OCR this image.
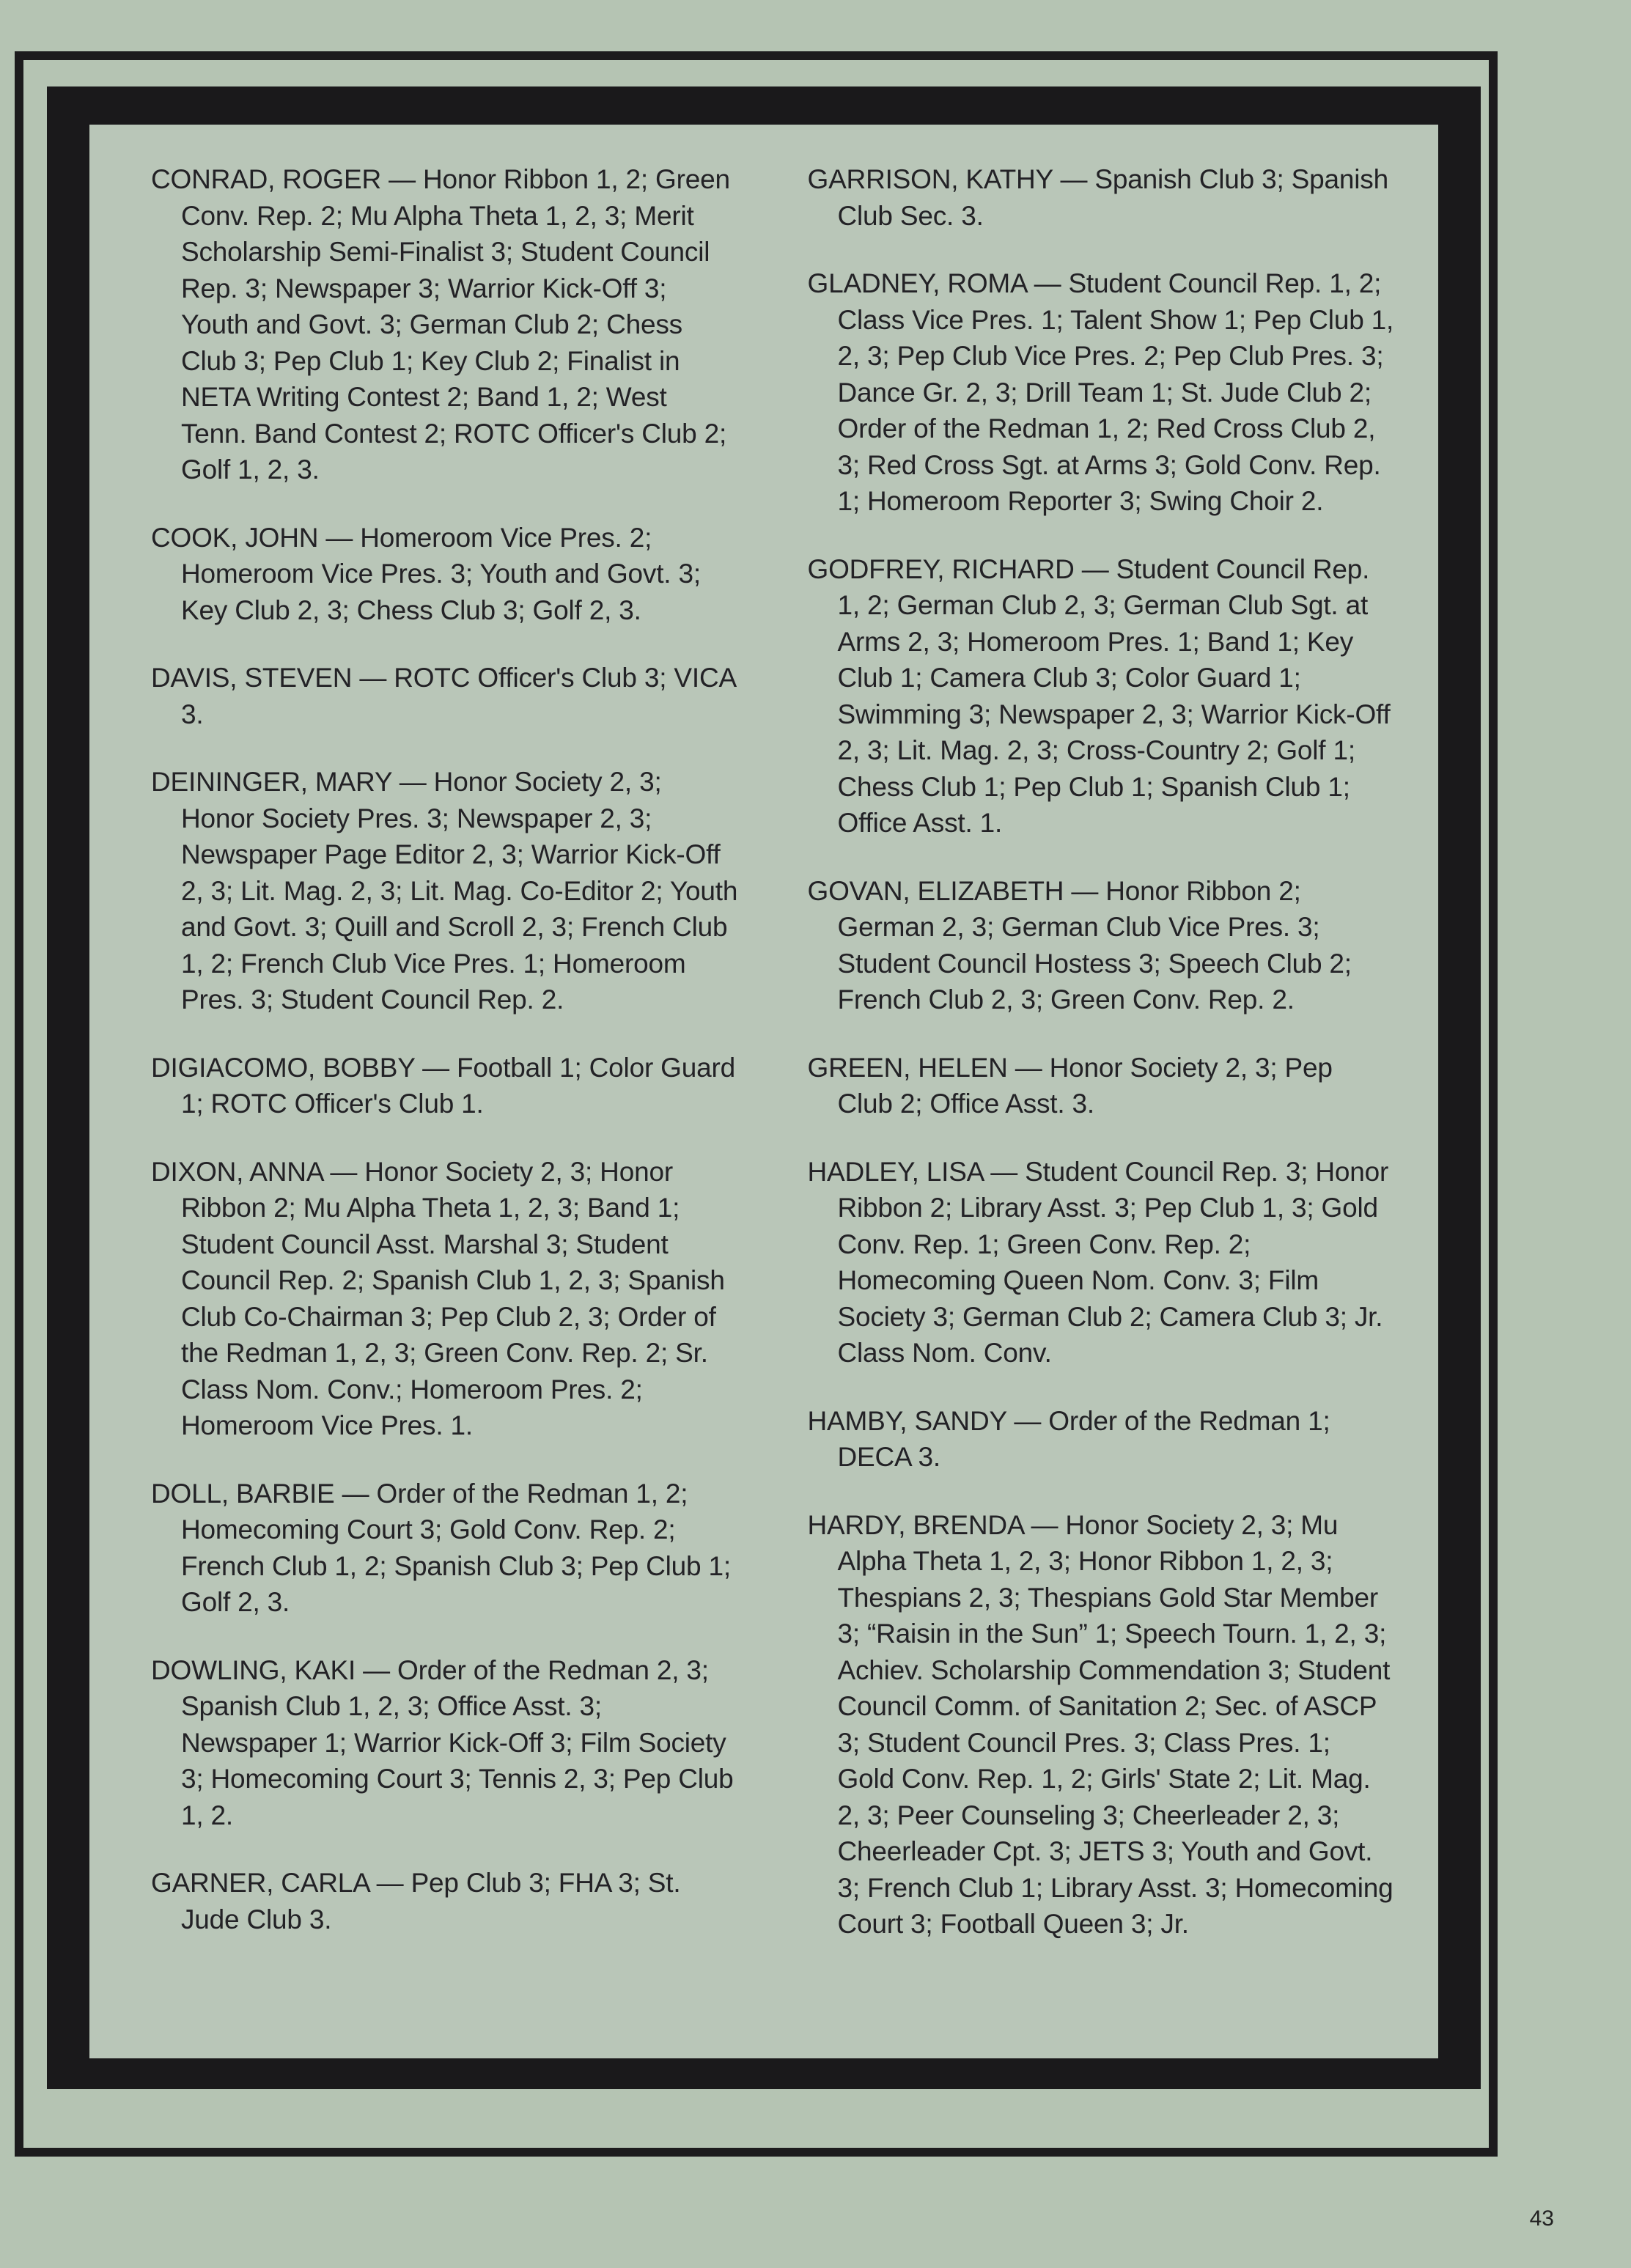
CONRAD, ROGER — Honor Ribbon 1, 2; Green Conv. Rep. 2; Mu Alpha Theta 1, 2, 3; Merit Scholarship Semi-Finalist 3; Student Council Rep. 3; Newspaper 3; Warrior Kick-Off 3; Youth and Govt. 3; German Club 2; Chess Club 3; Pep Club 1; Key Club 2; Finalist in NETA Writing Contest 2; Band 1, 2; West Tenn. Band Contest 2; ROTC Officer's Club 2; Golf 1, 2, 3.
COOK, JOHN — Homeroom Vice Pres. 2; Homeroom Vice Pres. 3; Youth and Govt. 3; Key Club 2, 3; Chess Club 3; Golf 2, 3.
DAVIS, STEVEN — ROTC Officer's Club 3; VICA 3.
DEININGER, MARY — Honor Society 2, 3; Honor Society Pres. 3; Newspaper 2, 3; Newspaper Page Editor 2, 3; Warrior Kick-Off 2, 3; Lit. Mag. 2, 3; Lit. Mag. Co-Editor 2; Youth and Govt. 3; Quill and Scroll 2, 3; French Club 1, 2; French Club Vice Pres. 1; Homeroom Pres. 3; Student Council Rep. 2.
DIGIACOMO, BOBBY — Football 1; Color Guard 1; ROTC Officer's Club 1.
DIXON, ANNA — Honor Society 2, 3; Honor Ribbon 2; Mu Alpha Theta 1, 2, 3; Band 1; Student Council Asst. Marshal 3; Student Council Rep. 2; Spanish Club 1, 2, 3; Spanish Club Co-Chairman 3; Pep Club 2, 3; Order of the Redman 1, 2, 3; Green Conv. Rep. 2; Sr. Class Nom. Conv.; Homeroom Pres. 2; Homeroom Vice Pres. 1.
DOLL, BARBIE — Order of the Redman 1, 2; Homecoming Court 3; Gold Conv. Rep. 2; French Club 1, 2; Spanish Club 3; Pep Club 1; Golf 2, 3.
DOWLING, KAKI — Order of the Redman 2, 3; Spanish Club 1, 2, 3; Office Asst. 3; Newspaper 1; Warrior Kick-Off 3; Film Society 3; Homecoming Court 3; Tennis 2, 3; Pep Club 1, 2.
GARNER, CARLA — Pep Club 3; FHA 3; St. Jude Club 3.
GARRISON, KATHY — Spanish Club 3; Spanish Club Sec. 3.
GLADNEY, ROMA — Student Council Rep. 1, 2; Class Vice Pres. 1; Talent Show 1; Pep Club 1, 2, 3; Pep Club Vice Pres. 2; Pep Club Pres. 3; Dance Gr. 2, 3; Drill Team 1; St. Jude Club 2; Order of the Redman 1, 2; Red Cross Club 2, 3; Red Cross Sgt. at Arms 3; Gold Conv. Rep. 1; Homeroom Reporter 3; Swing Choir 2.
GODFREY, RICHARD — Student Council Rep. 1, 2; German Club 2, 3; German Club Sgt. at Arms 2, 3; Homeroom Pres. 1; Band 1; Key Club 1; Camera Club 3; Color Guard 1; Swimming 3; Newspaper 2, 3; Warrior Kick-Off 2, 3; Lit. Mag. 2, 3; Cross-Country 2; Golf 1; Chess Club 1; Pep Club 1; Spanish Club 1; Office Asst. 1.
GOVAN, ELIZABETH — Honor Ribbon 2; German 2, 3; German Club Vice Pres. 3; Student Council Hostess 3; Speech Club 2; French Club 2, 3; Green Conv. Rep. 2.
GREEN, HELEN — Honor Society 2, 3; Pep Club 2; Office Asst. 3.
HADLEY, LISA — Student Council Rep. 3; Honor Ribbon 2; Library Asst. 3; Pep Club 1, 3; Gold Conv. Rep. 1; Green Conv. Rep. 2; Homecoming Queen Nom. Conv. 3; Film Society 3; German Club 2; Camera Club 3; Jr. Class Nom. Conv.
HAMBY, SANDY — Order of the Redman 1; DECA 3.
HARDY, BRENDA — Honor Society 2, 3; Mu Alpha Theta 1, 2, 3; Honor Ribbon 1, 2, 3; Thespians 2, 3; Thespians Gold Star Member 3; “Raisin in the Sun” 1; Speech Tourn. 1, 2, 3; Achiev. Scholarship Commendation 3; Student Council Comm. of Sanitation 2; Sec. of ASCP 3; Student Council Pres. 3; Class Pres. 1; Gold Conv. Rep. 1, 2; Girls' State 2; Lit. Mag. 2, 3; Peer Counseling 3; Cheerleader 2, 3; Cheerleader Cpt. 3; JETS 3; Youth and Govt. 3; French Club 1; Library Asst. 3; Homecoming Court 3; Football Queen 3; Jr.
43
